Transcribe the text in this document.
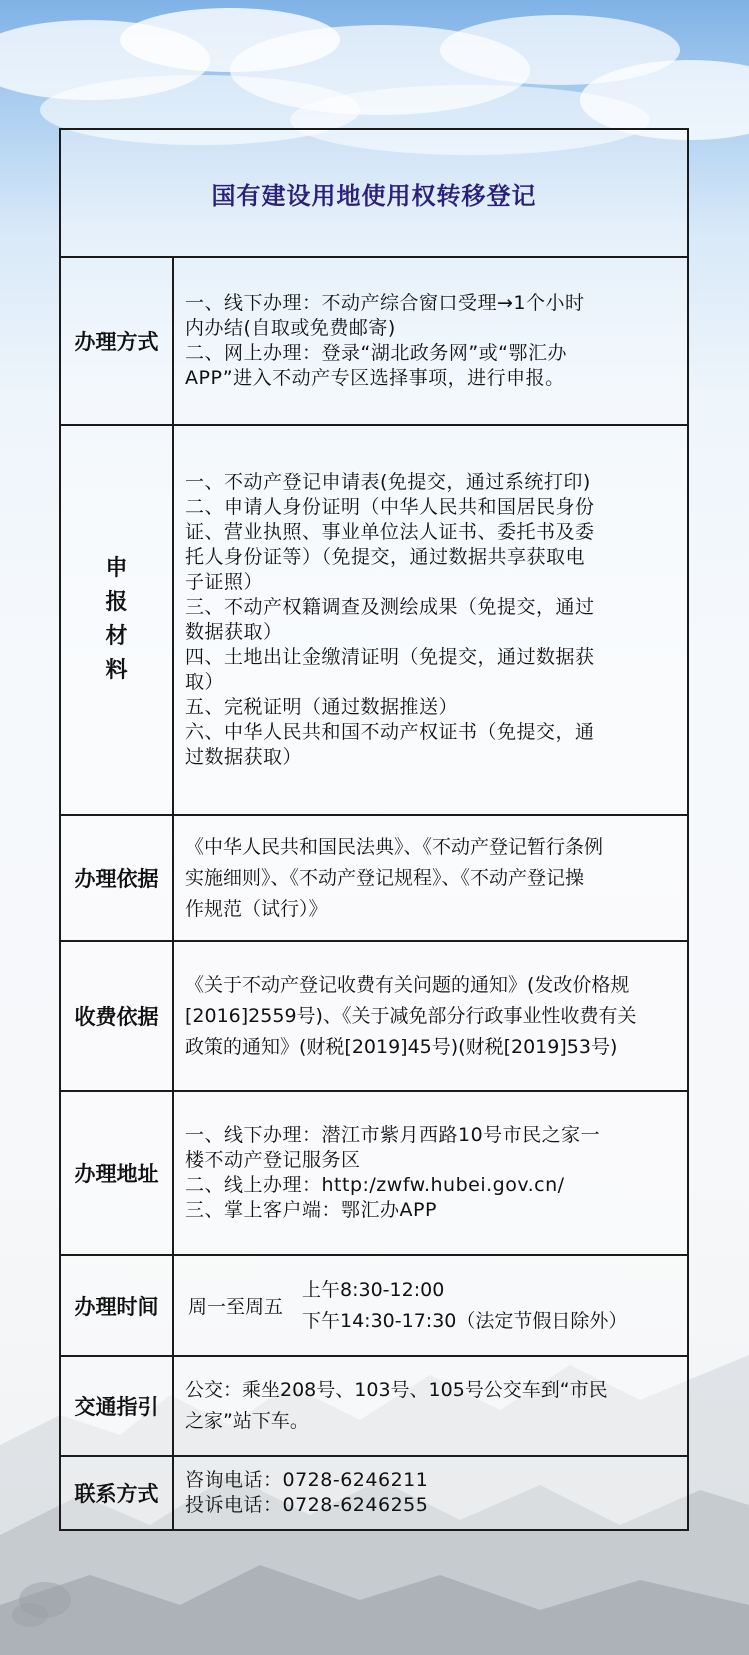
国有建设用地使用权转移登记
办理方式
一、线下办理：不动产综合窗口受理→1个小时
内办结(自取或免费邮寄)
二、网上办理：登录“湖北政务网”或“鄂汇办
APP”进入不动产专区选择事项，进行申报。
申
报
材
料
一、不动产登记申请表(免提交，通过系统打印)
二、申请人身份证明（中华人民共和国居民身份
证、营业执照、事业单位法人证书、委托书及委
托人身份证等）（免提交，通过数据共享获取电
子证照）
三、不动产权籍调查及测绘成果（免提交，通过
数据获取）
四、土地出让金缴清证明（免提交，通过数据获
取）
五、完税证明（通过数据推送）
六、中华人民共和国不动产权证书（免提交，通
过数据获取）
办理依据
《中华人民共和国民法典》、《不动产登记暂行条例
实施细则》、《不动产登记规程》、《不动产登记操
作规范（试行）》
收费依据
《关于不动产登记收费有关问题的通知》(发改价格规
[2016]2559号)、《关于减免部分行政事业性收费有关
政策的通知》(财税[2019]45号)(财税[2019]53号)
办理地址
一、线下办理：潜江市紫月西路10号市民之家一
楼不动产登记服务区
二、线上办理：http:/zwfw.hubei.gov.cn/
三、掌上客户端：鄂汇办APP
办理时间	周一至周五
上午8:30-12:00
下午14:30-17:30（法定节假日除外）
交通指引
公交：乘坐208号、103号、105号公交车到“市民
之家”站下车。
联系方式
咨询电话：0728-6246211
投诉电话：0728-6246255
